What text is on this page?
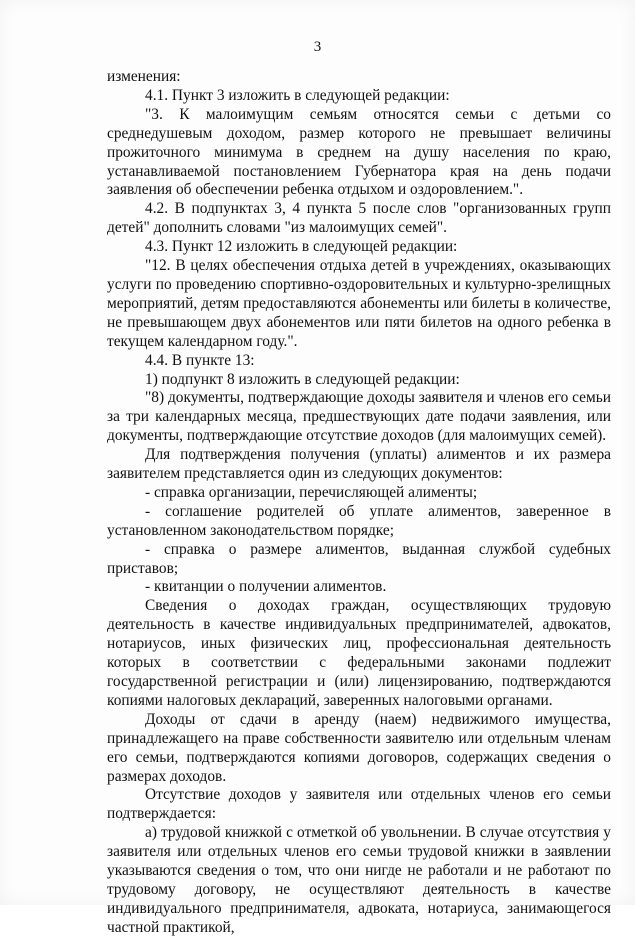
3

изменения:

4.1. Пункт 3 изложить в следующей редакции:

"3. К малоимущим семьям относятся семьи с детьми со среднедушевым доходом, размер которого не превышает величины прожиточного минимума в среднем на душу населения по краю, устанавливаемой постановлением Губернатора края на день подачи заявления об обеспечении ребенка отдыхом и оздоровлением.".

4.2. В подпунктах 3, 4 пункта 5 после слов "организованных групп детей" дополнить словами "из малоимущих семей".

4.3. Пункт 12 изложить в следующей редакции:

"12. В целях обеспечения отдыха детей в учреждениях, оказывающих услуги по проведению спортивно-оздоровительных и культурно-зрелищных мероприятий, детям предоставляются абонементы или билеты в количестве, не превышающем двух абонементов или пяти билетов на одного ребенка в текущем календарном году.".

4.4. В пункте 13:

1) подпункт 8 изложить в следующей редакции:

"8) документы, подтверждающие доходы заявителя и членов его семьи за три календарных месяца, предшествующих дате подачи заявления, или документы, подтверждающие отсутствие доходов (для малоимущих семей).

Для подтверждения получения (уплаты) алиментов и их размера заявителем представляется один из следующих документов:

- справка организации, перечисляющей алименты;

- соглашение родителей об уплате алиментов, заверенное в установленном законодательством порядке;

- справка о размере алиментов, выданная службой судебных приставов;

- квитанции о получении алиментов.

Сведения о доходах граждан, осуществляющих трудовую деятельность в качестве индивидуальных предпринимателей, адвокатов, нотариусов, иных физических лиц, профессиональная деятельность которых в соответствии с федеральными законами подлежит государственной регистрации и (или) лицензированию, подтверждаются копиями налоговых деклараций, заверенных налоговыми органами.

Доходы от сдачи в аренду (наем) недвижимого имущества, принадлежащего на праве собственности заявителю или отдельным членам его семьи, подтверждаются копиями договоров, содержащих сведения о размерах доходов.

Отсутствие доходов у заявителя или отдельных членов его семьи подтверждается:

а) трудовой книжкой с отметкой об увольнении. В случае отсутствия у заявителя или отдельных членов его семьи трудовой книжки в заявлении указываются сведения о том, что они нигде не работали и не работают по трудовому договору, не осуществляют деятельность в качестве индивидуального предпринимателя, адвоката, нотариуса, занимающегося частной практикой,
